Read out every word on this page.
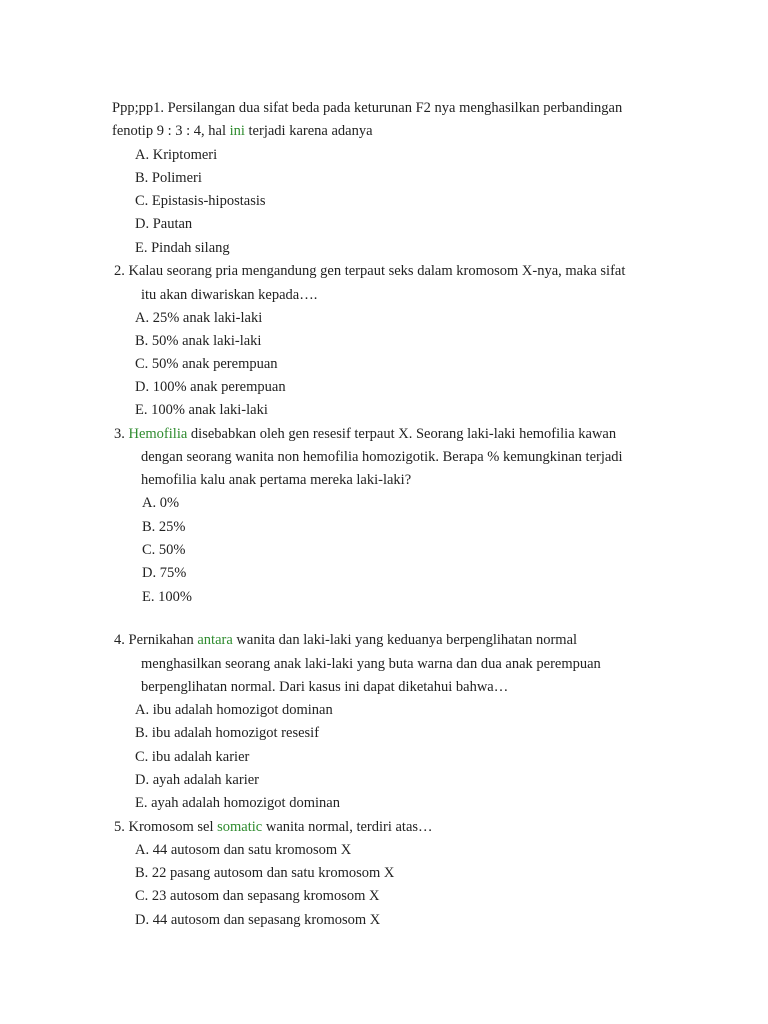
Ppp;pp1. Persilangan dua sifat beda pada keturunan F2 nya menghasilkan perbandingan
fenotip 9 : 3 : 4, hal ini terjadi karena adanya
A. Kriptomeri
B. Polimeri
C. Epistasis-hipostasis
D. Pautan
E. Pindah silang
2. Kalau seorang pria mengandung gen terpaut seks dalam kromosom X-nya, maka sifat
itu akan diwariskan kepada….
A. 25% anak laki-laki
B. 50% anak laki-laki
C. 50% anak perempuan
D. 100% anak perempuan
E. 100% anak laki-laki
3. Hemofilia disebabkan oleh gen resesif terpaut X. Seorang laki-laki hemofilia kawan
dengan seorang wanita non hemofilia homozigotik. Berapa % kemungkinan terjadi
hemofilia kalu anak pertama mereka laki-laki?
A. 0%
B. 25%
C. 50%
D. 75%
E. 100%
4. Pernikahan antara wanita dan laki-laki yang keduanya berpenglihatan normal
menghasilkan seorang anak laki-laki yang buta warna dan dua anak perempuan
berpenglihatan normal. Dari kasus ini dapat diketahui bahwa…
A. ibu adalah homozigot dominan
B. ibu adalah homozigot resesif
C. ibu adalah karier
D. ayah adalah karier
E. ayah adalah homozigot dominan
5. Kromosom sel somatic wanita normal, terdiri atas…
A. 44 autosom dan satu kromosom X
B. 22 pasang autosom dan satu kromosom X
C. 23 autosom dan sepasang kromosom X
D. 44 autosom dan sepasang kromosom X
